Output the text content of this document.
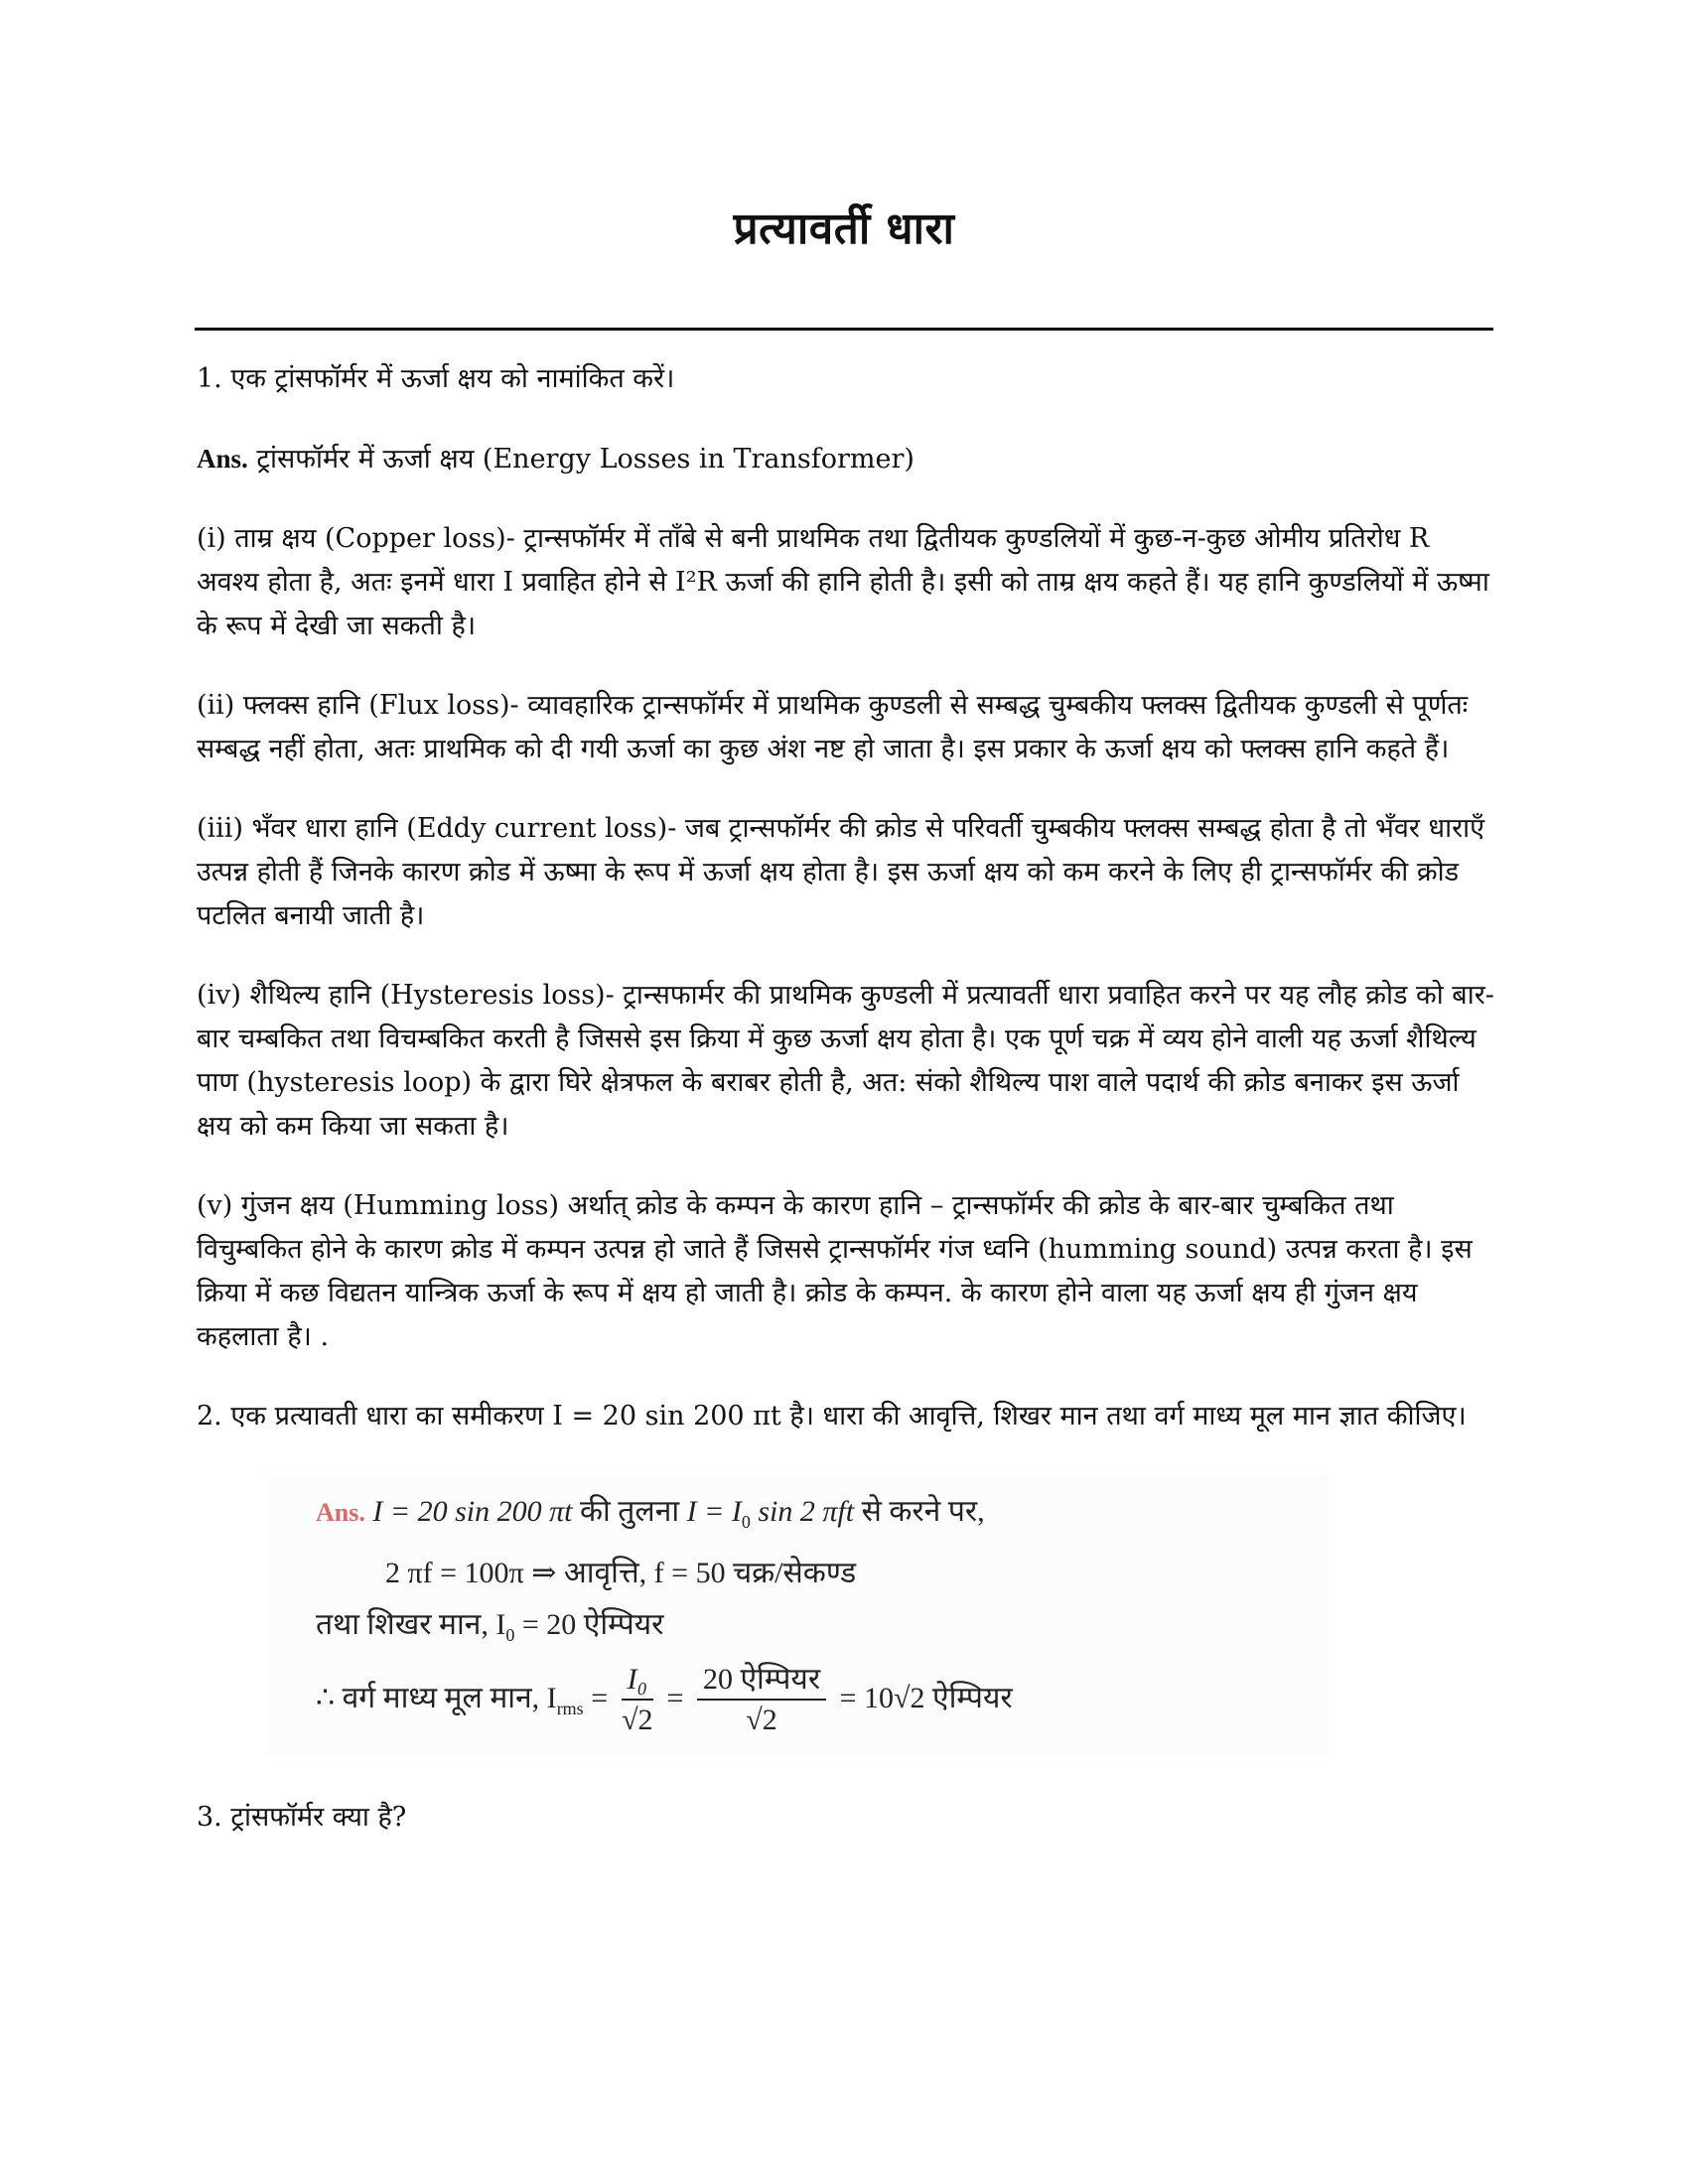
प्रत्यावर्ती धारा

1. एक ट्रांसफॉर्मर में ऊर्जा क्षय को नामांकित करें।

Ans. ट्रांसफॉर्मर में ऊर्जा क्षय (Energy Losses in Transformer)

(i) ताम्र क्षय (Copper loss)- ट्रान्सफॉर्मर में ताँबे से बनी प्राथमिक तथा द्वितीयक कुण्डलियों में कुछ-न-कुछ ओमीय प्रतिरोध R अवश्य होता है, अतः इनमें धारा I प्रवाहित होने से I²R ऊर्जा की हानि होती है। इसी को ताम्र क्षय कहते हैं। यह हानि कुण्डलियों में ऊष्मा के रूप में देखी जा सकती है।

(ii) फ्लक्स हानि (Flux loss)- व्यावहारिक ट्रान्सफॉर्मर में प्राथमिक कुण्डली से सम्बद्ध चुम्बकीय फ्लक्स द्वितीयक कुण्डली से पूर्णतः सम्बद्ध नहीं होता, अतः प्राथमिक को दी गयी ऊर्जा का कुछ अंश नष्ट हो जाता है। इस प्रकार के ऊर्जा क्षय को फ्लक्स हानि कहते हैं।

(iii) भँवर धारा हानि (Eddy current loss)- जब ट्रान्सफॉर्मर की क्रोड से परिवर्ती चुम्बकीय फ्लक्स सम्बद्ध होता है तो भँवर धाराएँ उत्पन्न होती हैं जिनके कारण क्रोड में ऊष्मा के रूप में ऊर्जा क्षय होता है। इस ऊर्जा क्षय को कम करने के लिए ही ट्रान्सफॉर्मर की क्रोड पटलित बनायी जाती है।

(iv) शैथिल्य हानि (Hysteresis loss)- ट्रान्सफार्मर की प्राथमिक कुण्डली में प्रत्यावर्ती धारा प्रवाहित करने पर यह लौह क्रोड को बार-बार चम्बकित तथा विचम्बकित करती है जिससे इस क्रिया में कुछ ऊर्जा क्षय होता है। एक पूर्ण चक्र में व्यय होने वाली यह ऊर्जा शैथिल्य पाण (hysteresis loop) के द्वारा घिरे क्षेत्रफल के बराबर होती है, अत: संको शैथिल्य पाश वाले पदार्थ की क्रोड बनाकर इस ऊर्जा क्षय को कम किया जा सकता है।

(v) गुंजन क्षय (Humming loss) अर्थात् क्रोड के कम्पन के कारण हानि – ट्रान्सफॉर्मर की क्रोड के बार-बार चुम्बकित तथा विचुम्बकित होने के कारण क्रोड में कम्पन उत्पन्न हो जाते हैं जिससे ट्रान्सफॉर्मर गंज ध्वनि (humming sound) उत्पन्न करता है। इस क्रिया में कछ विद्यतन यान्त्रिक ऊर्जा के रूप में क्षय हो जाती है। क्रोड के कम्पन. के कारण होने वाला यह ऊर्जा क्षय ही गुंजन क्षय कहलाता है। .

2. एक प्रत्यावती धारा का समीकरण I = 20 sin 200 πt है। धारा की आवृत्ति, शिखर मान तथा वर्ग माध्य मूल मान ज्ञात कीजिए।

Ans. I = 20 sin 200 πt की तुलना $I = I_0$ sin 2 πft से करने पर,
2 πf = 100π ⇒ आवृत्ति, f = 50 चक्र/सेकण्ड
तथा शिखर मान, $I_0 = 20$ ऐम्पियर
∴ वर्ग माध्य मूल मान, $I_{rms} = \frac{\text{I₀}}{√2} = \frac{\text{20 ऐम्पियर}}{√2} = 10√2$ ऐम्पियर

3. ट्रांसफॉर्मर क्या है?
